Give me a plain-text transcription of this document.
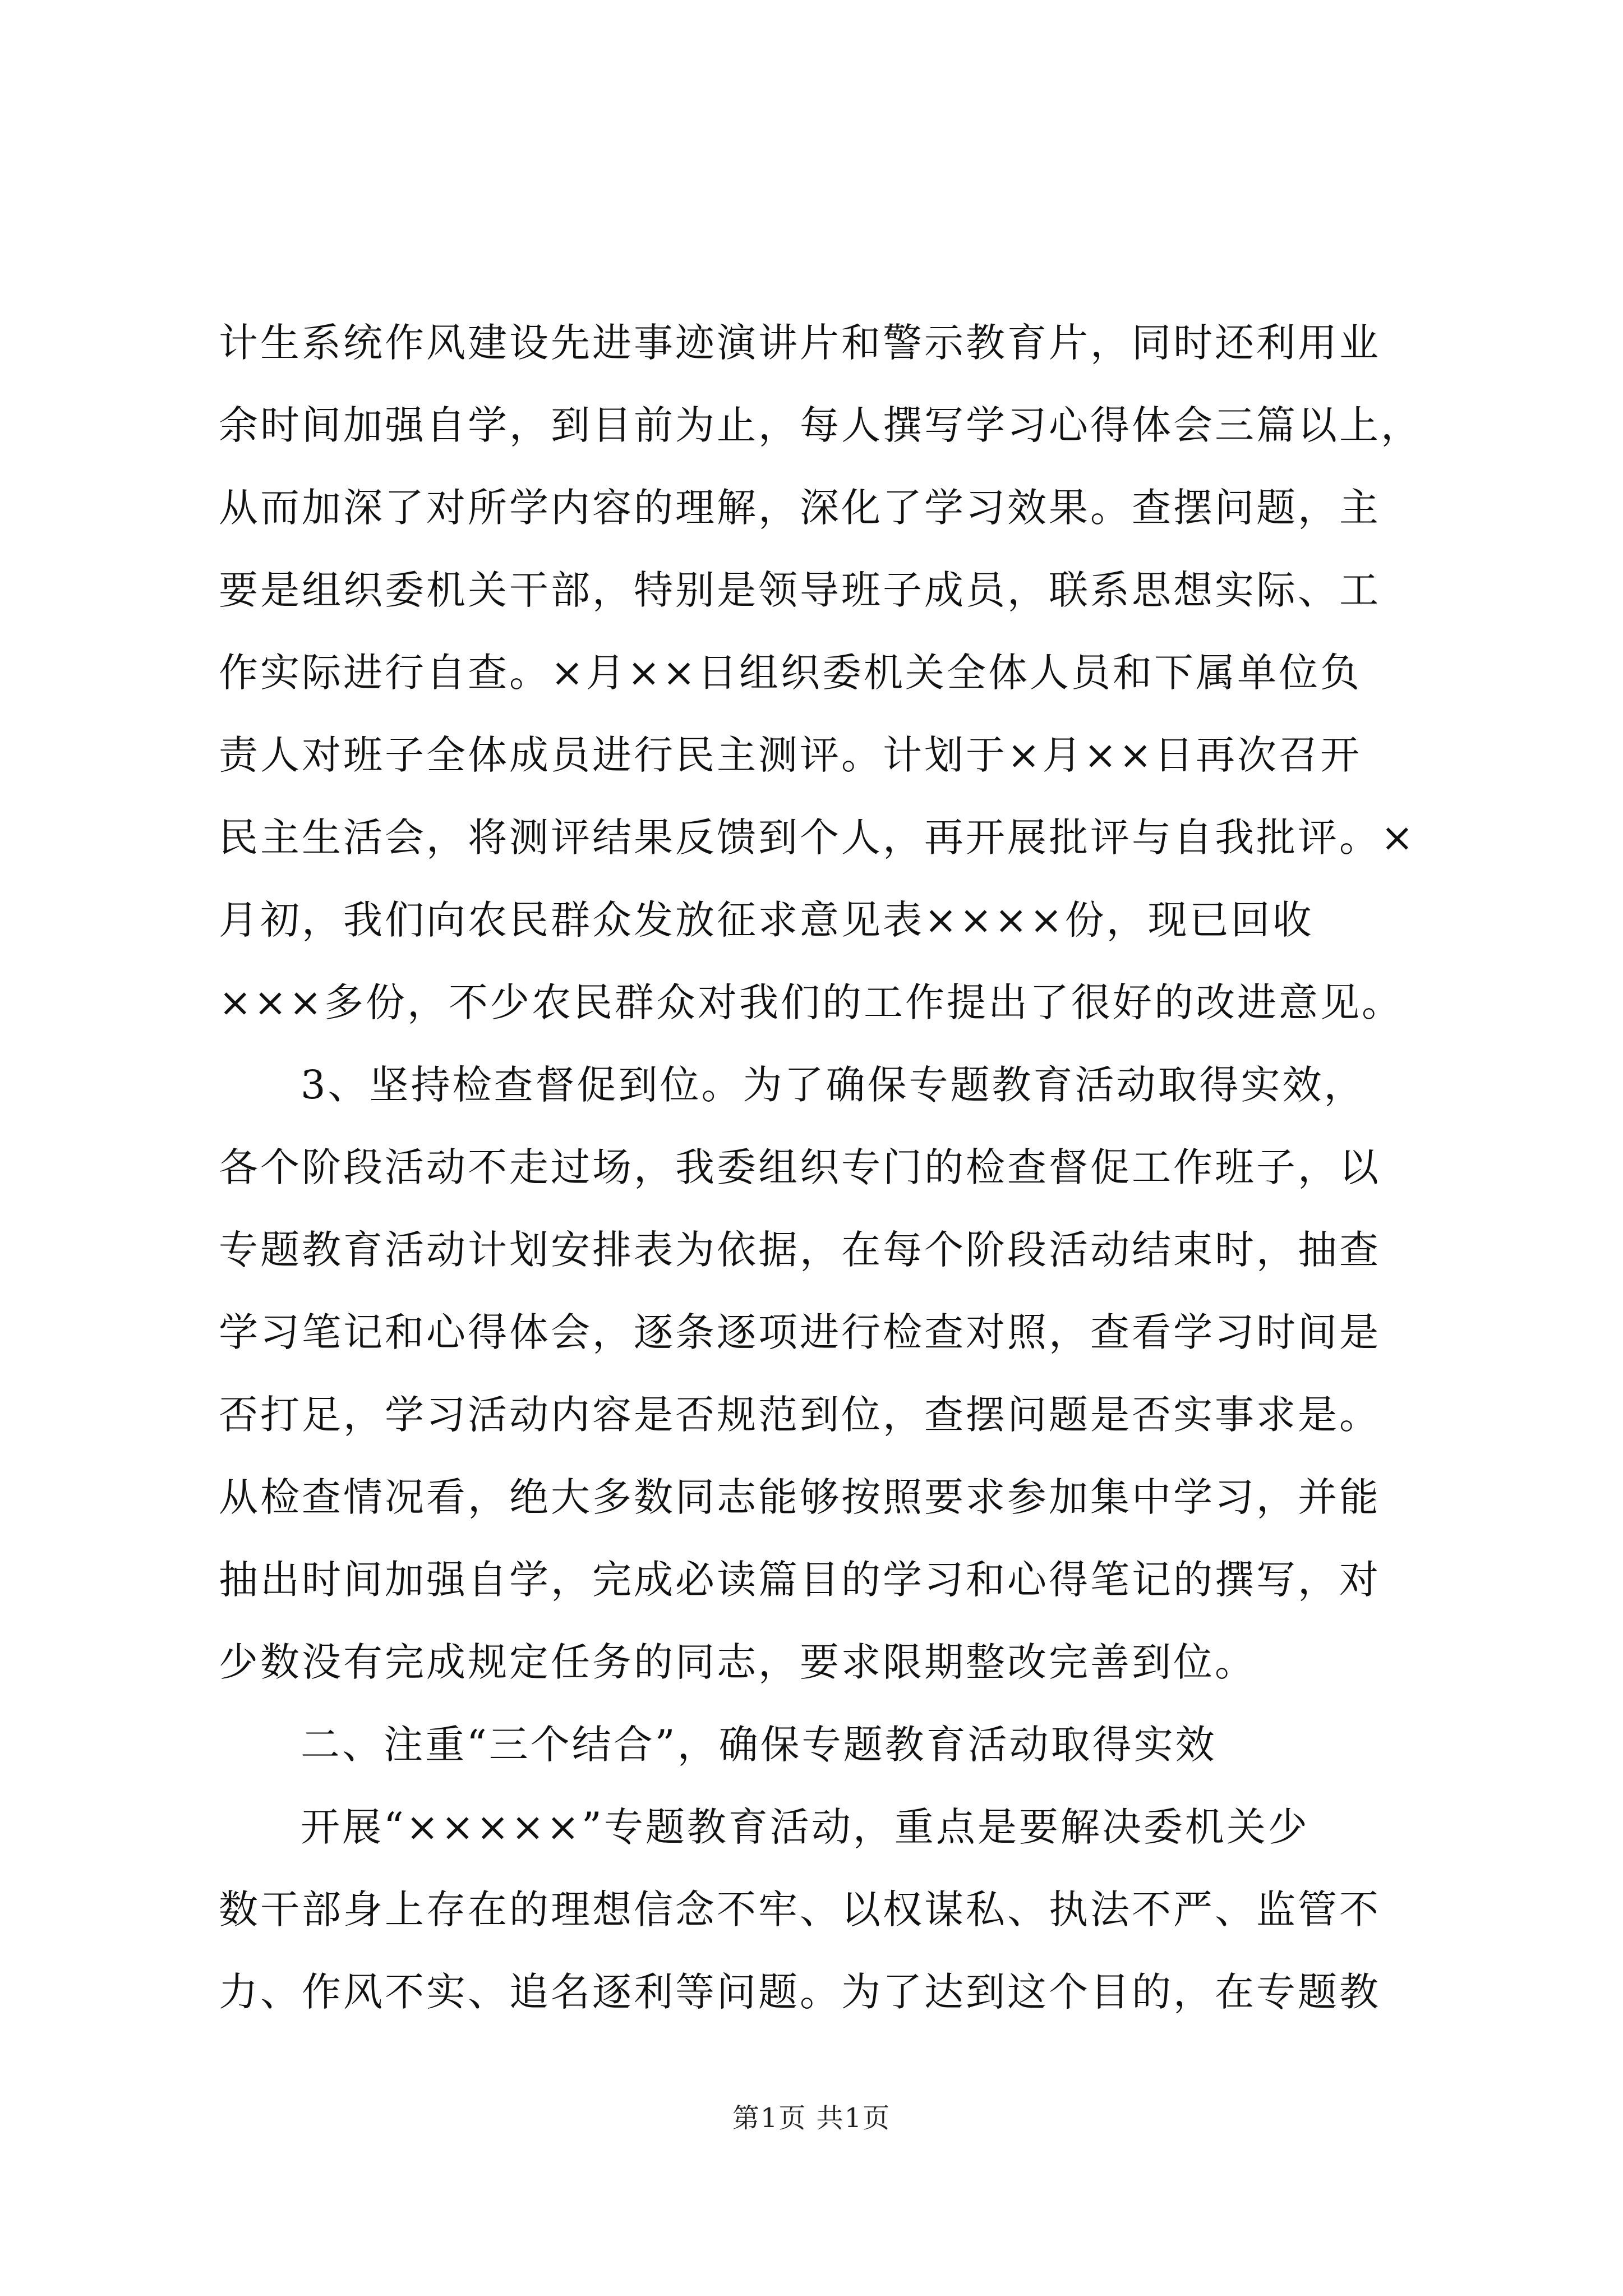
计生系统作风建设先进事迹演讲片和警示教育片，同时还利用业
余时间加强自学，到目前为止，每人撰写学习心得体会三篇以上，
从而加深了对所学内容的理解，深化了学习效果。查摆问题，主
要是组织委机关干部，特别是领导班子成员，联系思想实际、工
作实际进行自查。×月××日组织委机关全体人员和下属单位负
责人对班子全体成员进行民主测评。计划于×月××日再次召开
民主生活会，将测评结果反馈到个人，再开展批评与自我批评。×
月初，我们向农民群众发放征求意见表××××份，现已回收
×××多份，不少农民群众对我们的工作提出了很好的改进意见。
3、坚持检查督促到位。为了确保专题教育活动取得实效，
各个阶段活动不走过场，我委组织专门的检查督促工作班子，以
专题教育活动计划安排表为依据，在每个阶段活动结束时，抽查
学习笔记和心得体会，逐条逐项进行检查对照，查看学习时间是
否打足，学习活动内容是否规范到位，查摆问题是否实事求是。
从检查情况看，绝大多数同志能够按照要求参加集中学习，并能
抽出时间加强自学，完成必读篇目的学习和心得笔记的撰写，对
少数没有完成规定任务的同志，要求限期整改完善到位。
二、注重“三个结合”，确保专题教育活动取得实效
开展“×××××”专题教育活动，重点是要解决委机关少
数干部身上存在的理想信念不牢、以权谋私、执法不严、监管不
力、作风不实、追名逐利等问题。为了达到这个目的，在专题教
第1页 共1页
